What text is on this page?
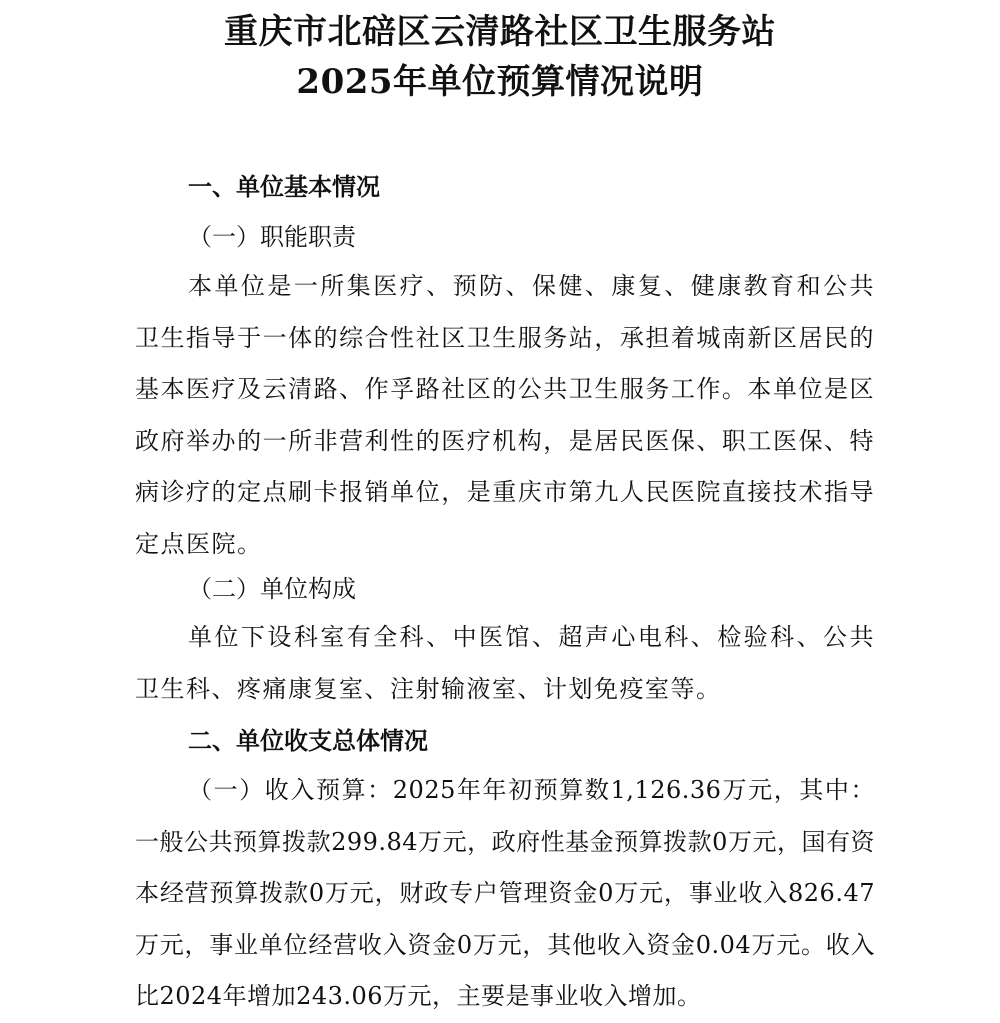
重庆市北碚区云清路社区卫生服务站
2025年单位预算情况说明
一、单位基本情况
（一）职能职责
本单位是一所集医疗、预防、保健、康复、健康教育和公共卫生指导于一体的综合性社区卫生服务站，承担着城南新区居民的基本医疗及云清路、作孚路社区的公共卫生服务工作。本单位是区政府举办的一所非营利性的医疗机构，是居民医保、职工医保、特病诊疗的定点刷卡报销单位，是重庆市第九人民医院直接技术指导定点医院。
（二）单位构成
单位下设科室有全科、中医馆、超声心电科、检验科、公共卫生科、疼痛康复室、注射输液室、计划免疫室等。
二、单位收支总体情况
（一）收入预算：2025年年初预算数1,126.36万元，其中：一般公共预算拨款299.84万元，政府性基金预算拨款0万元，国有资本经营预算拨款0万元，财政专户管理资金0万元，事业收入826.47万元，事业单位经营收入资金0万元，其他收入资金0.04万元。收入比2024年增加243.06万元，主要是事业收入增加。
